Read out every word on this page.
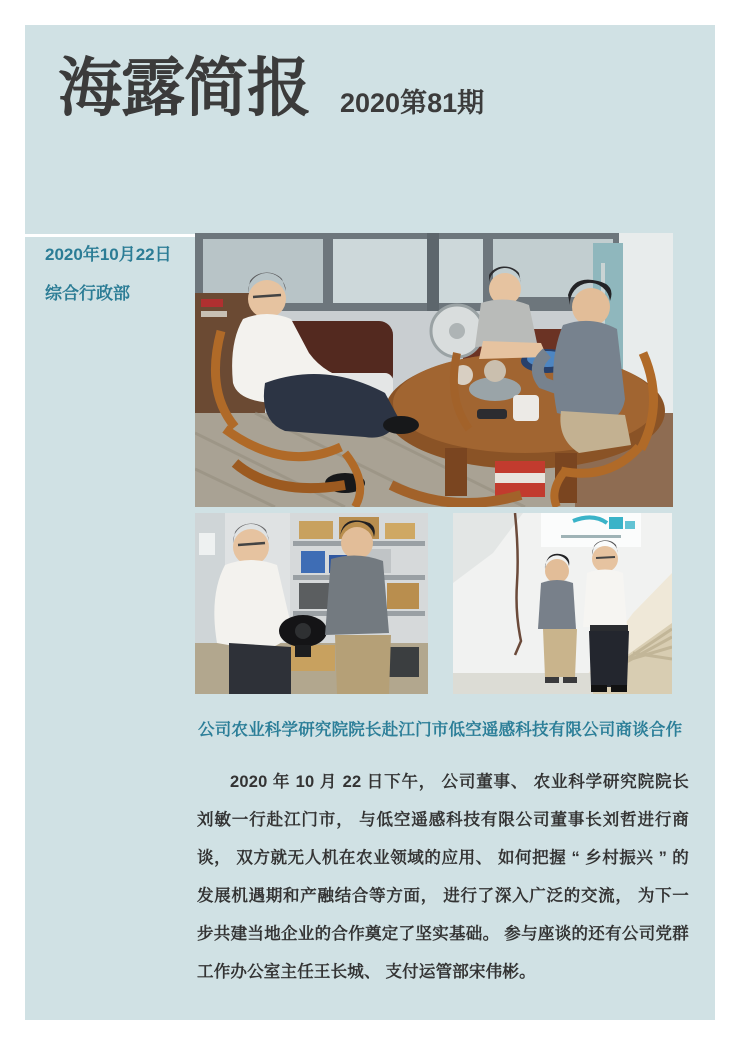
海露简报 2020第81期
2020年10月22日
综合行政部
公司农业科学研究院院长赴江门市低空遥感科技有限公司商谈合作
2020 年 10 月 22 日下午， 公司董事、 农业科学研究院院长刘敏一行赴江门市， 与低空遥感科技有限公司董事长刘哲进行商谈， 双方就无人机在农业领域的应用、 如何把握 “ 乡村振兴 ” 的发展机遇期和产融结合等方面， 进行了深入广泛的交流， 为下一步共建当地企业的合作奠定了坚实基础。 参与座谈的还有公司党群工作办公室主任王长城、 支付运管部宋伟彬。
